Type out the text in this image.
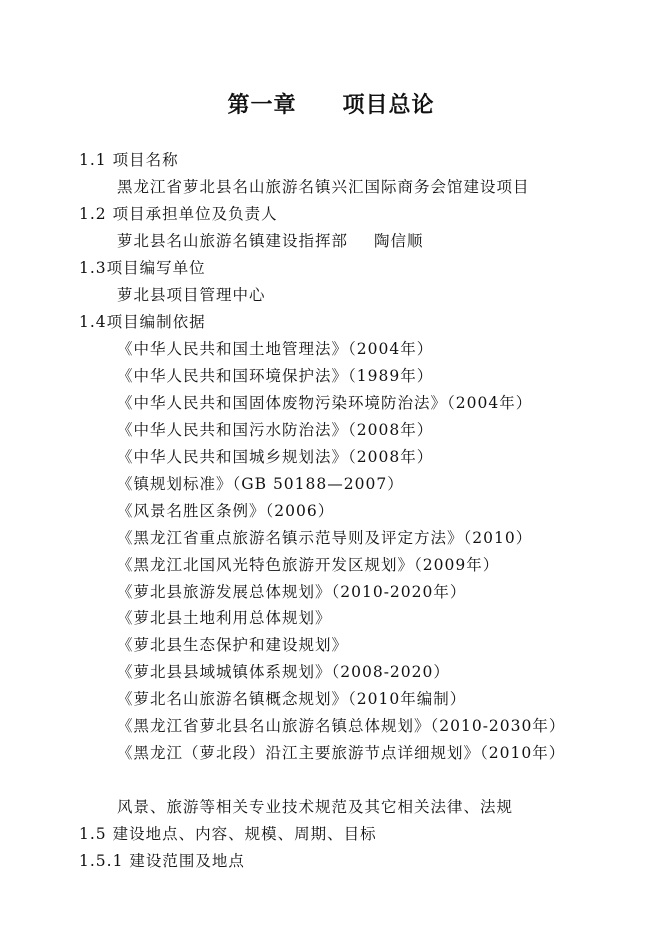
第一章　　项目总论
1.1 项目名称
黑龙江省萝北县名山旅游名镇兴汇国际商务会馆建设项目
1.2 项目承担单位及负责人
萝北县名山旅游名镇建设指挥部 陶信顺
1.3项目编写单位
萝北县项目管理中心
1.4项目编制依据
《中华人民共和国土地管理法》（2004年）
《中华人民共和国环境保护法》（1989年）
《中华人民共和国固体废物污染环境防治法》（2004年）
《中华人民共和国污水防治法》（2008年）
《中华人民共和国城乡规划法》（2008年）
《镇规划标准》（GB 50188—2007）
《风景名胜区条例》（2006）
《黑龙江省重点旅游名镇示范导则及评定方法》（2010）
《黑龙江北国风光特色旅游开发区规划》（2009年）
《萝北县旅游发展总体规划》（2010-2020年）
《萝北县土地利用总体规划》
《萝北县生态保护和建设规划》
《萝北县县域城镇体系规划》（2008-2020）
《萝北名山旅游名镇概念规划》（2010年编制）
《黑龙江省萝北县名山旅游名镇总体规划》（2010-2030年）
《黑龙江（萝北段）沿江主要旅游节点详细规划》（2010年）
风景、旅游等相关专业技术规范及其它相关法律、法规
1.5 建设地点、内容、规模、周期、目标
1.5.1 建设范围及地点
